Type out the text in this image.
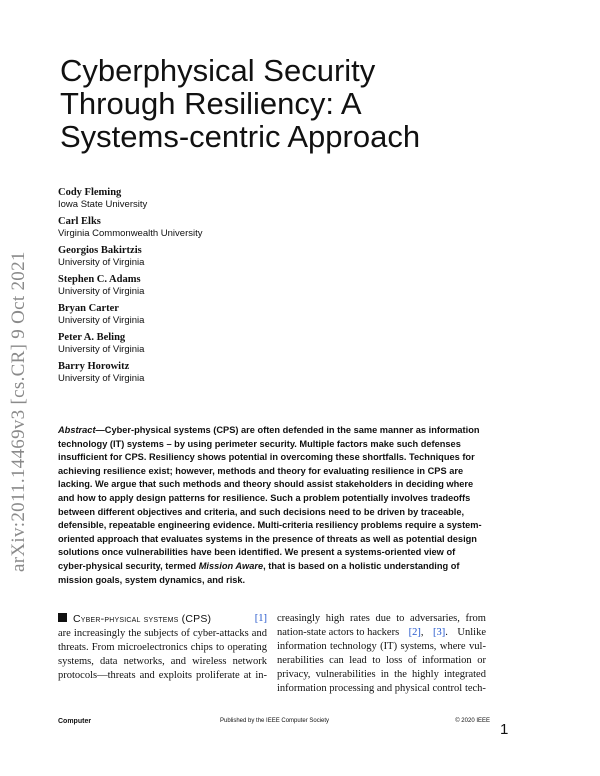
arXiv:2011.14469v3 [cs.CR] 9 Oct 2021
Cyberphysical Security
Through Resiliency: A
Systems-centric Approach
Cody Fleming
Iowa State University
Carl Elks
Virginia Commonwealth University
Georgios Bakirtzis
University of Virginia
Stephen C. Adams
University of Virginia
Bryan Carter
University of Virginia
Peter A. Beling
University of Virginia
Barry Horowitz
University of Virginia
Abstract—Cyber-physical systems (CPS) are often defended in the same manner as information technology (IT) systems – by using perimeter security. Multiple factors make such defenses insufficient for CPS. Resiliency shows potential in overcoming these shortfalls. Techniques for achieving resilience exist; however, methods and theory for evaluating resilience in CPS are lacking. We argue that such methods and theory should assist stakeholders in deciding where and how to apply design patterns for resilience. Such a problem potentially involves tradeoffs between different objectives and criteria, and such decisions need to be driven by traceable, defensible, repeatable engineering evidence. Multi-criteria resiliency problems require a system-oriented approach that evaluates systems in the presence of threats as well as potential design solutions once vulnerabilities have been identified. We present a systems-oriented view of cyber-physical security, termed Mission Aware, that is based on a holistic understanding of mission goals, system dynamics, and risk.
Cyber-physical systems (CPS)	[1]
are increasingly the subjects of cyber-attacks and
threats. From microelectronics chips to operating
systems, data networks, and wireless network
protocols—threats and exploits proliferate at in-
creasingly high rates due to adversaries, from
nation-state actors to hackers [2], [3]. Unlike
information technology (IT) systems, where vul-
nerabilities can lead to loss of information or
privacy, vulnerabilities in the highly integrated
information processing and physical control tech-
Computer	Published by the IEEE Computer Society	© 2020 IEEE 1
